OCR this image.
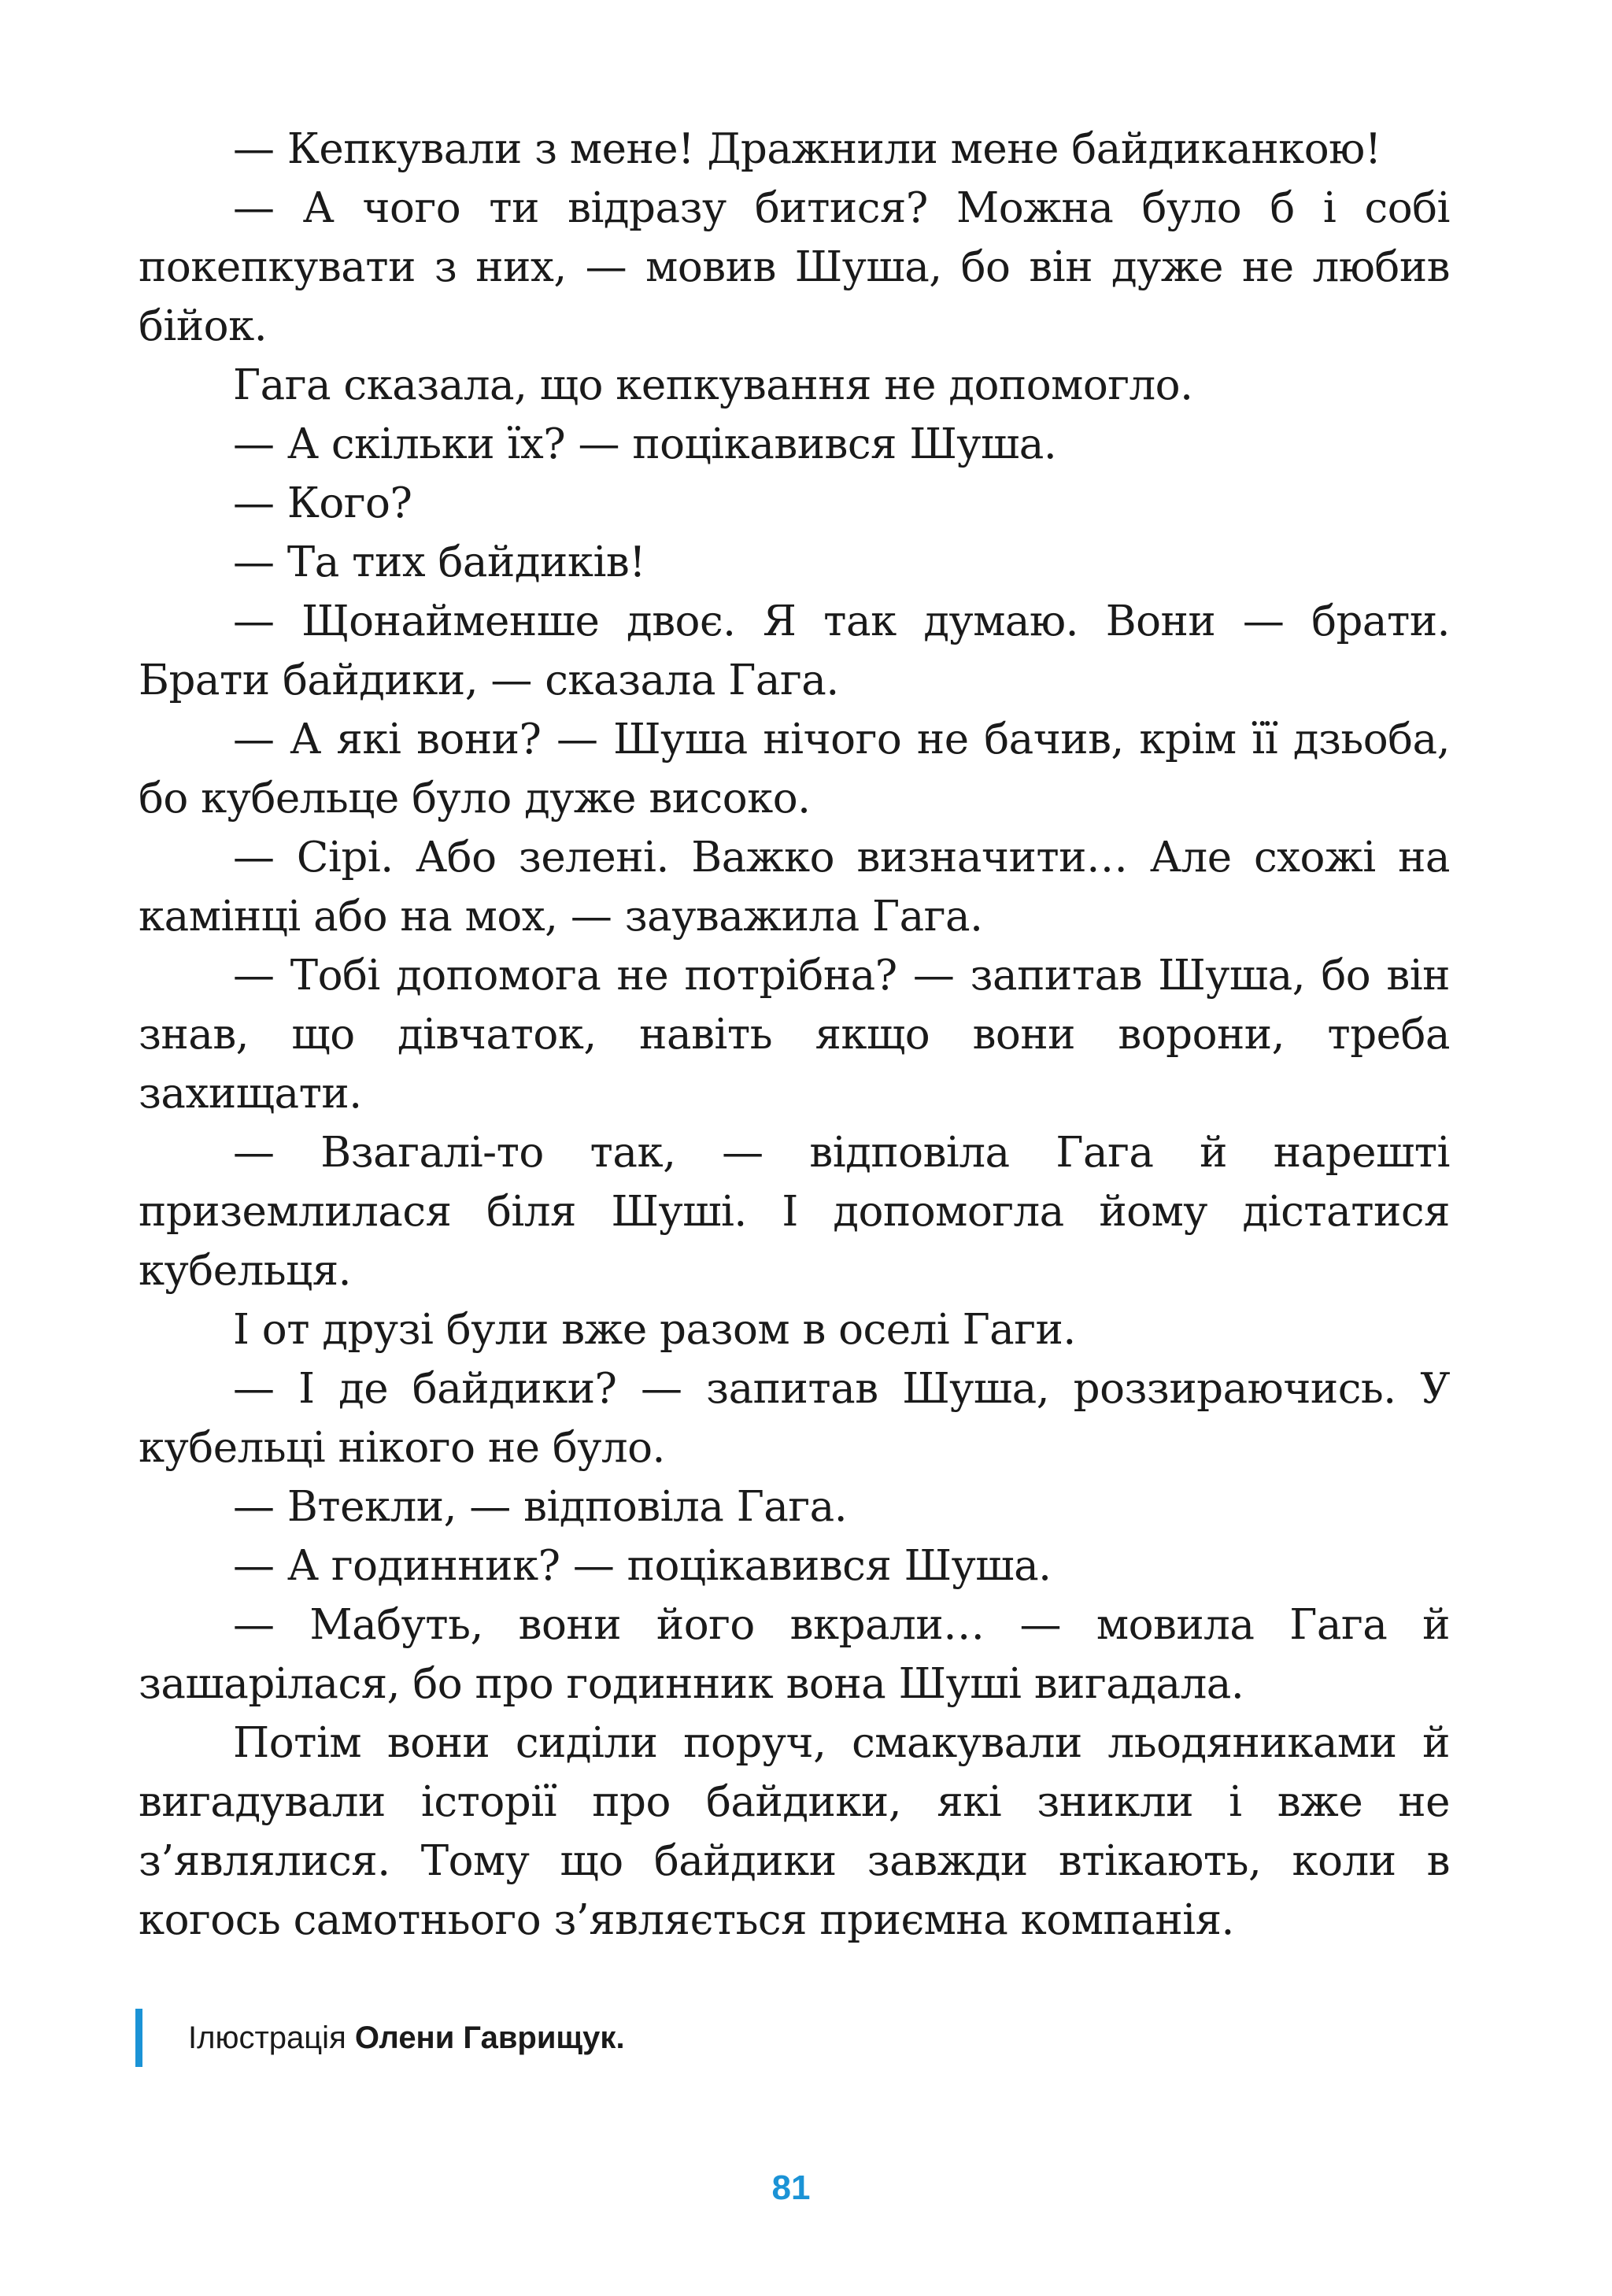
— Кепкували з мене! Дражнили мене байдиканкою!

— А чого ти відразу битися? Можна було б і собі покепкувати з них, — мовив Шуша, бо він дуже не любив бійок.

Гага сказала, що кепкування не допомогло.

— А скільки їх? — поцікавився Шуша.

— Кого?

— Та тих байдиків!

— Щонайменше двоє. Я так думаю. Вони — брати. Брати байдики, — сказала Гага.

— А які вони? — Шуша нічого не бачив, крім її дзьоба, бо кубельце було дуже високо.

— Сірі. Або зелені. Важко визначити… Але схожі на камінці або на мох, — зауважила Гага.

— Тобі допомога не потрібна? — запитав Шуша, бо він знав, що дівчаток, навіть якщо вони ворони, треба захищати.

— Взагалі-то так, — відповіла Гага й нарешті приземлилася біля Шуші. І допомогла йому дістатися кубельця.

І от друзі були вже разом в оселі Гаги.

— І де байдики? — запитав Шуша, роззираючись. У кубельці нікого не було.

— Втекли, — відповіла Гага.

— А годинник? — поцікавився Шуша.

— Мабуть, вони його вкрали… — мовила Гага й зашарілася, бо про годинник вона Шуші вигадала.

Потім вони сиділи поруч, смакували льодяниками й вигадували історії про байдики, які зникли і вже не з’являлися. Тому що байдики завжди втікають, коли в когось самотнього з’являється приємна компанія.

Ілюстрація Олени Гаврищук.
81
